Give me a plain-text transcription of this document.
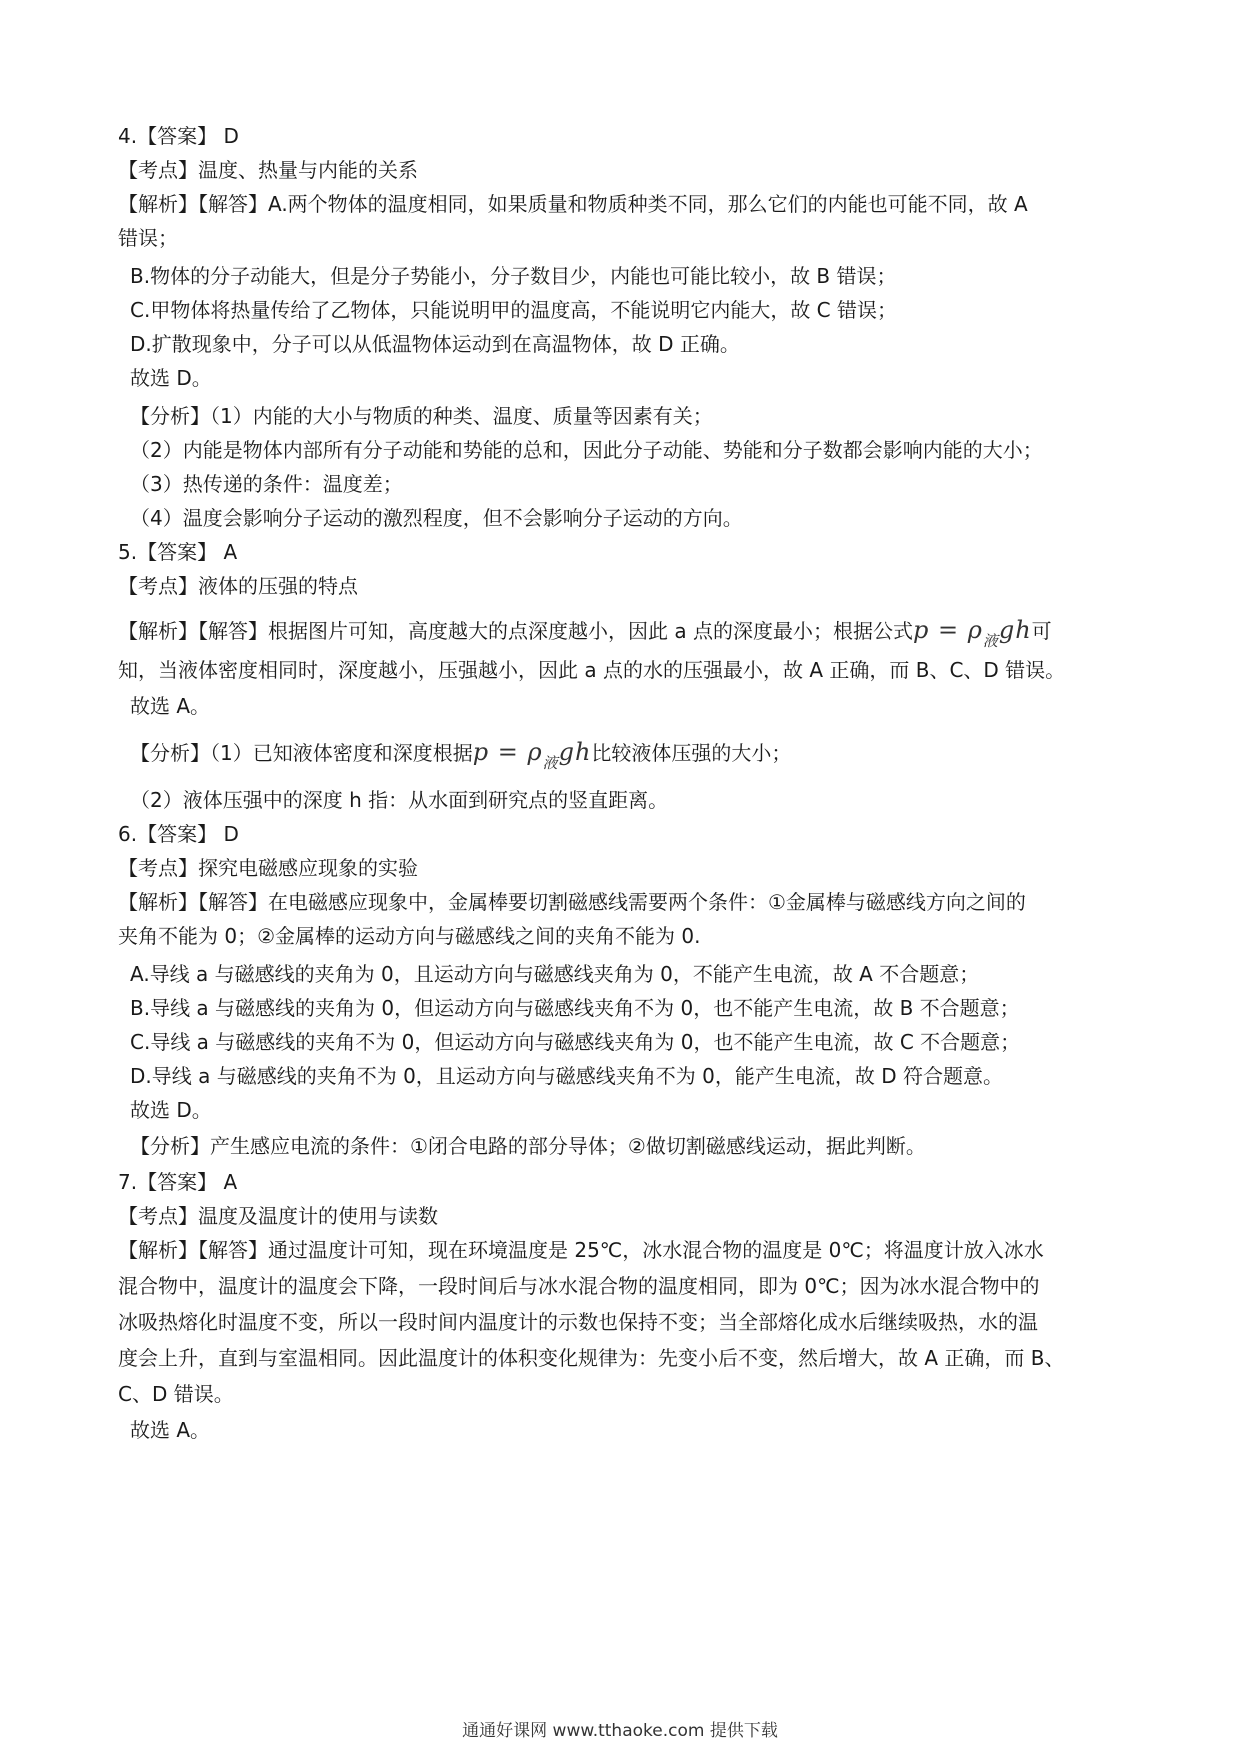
4.【答案】 D
【考点】温度、热量与内能的关系
【解析】【解答】A.两个物体的温度相同，如果质量和物质种类不同，那么它们的内能也可能不同，故 A
错误；
B.物体的分子动能大，但是分子势能小，分子数目少，内能也可能比较小，故 B 错误；
C.甲物体将热量传给了乙物体，只能说明甲的温度高，不能说明它内能大，故 C 错误；
D.扩散现象中，分子可以从低温物体运动到在高温物体，故 D 正确。
故选 D。
【分析】（1）内能的大小与物质的种类、温度、质量等因素有关；
（2）内能是物体内部所有分子动能和势能的总和，因此分子动能、势能和分子数都会影响内能的大小；
（3）热传递的条件：温度差；
（4）温度会影响分子运动的激烈程度，但不会影响分子运动的方向。
5.【答案】 A
【考点】液体的压强的特点
【解析】【解答】根据图片可知，高度越大的点深度越小，因此 a 点的深度最小；根据公式$p = \rho_液gh$可
知，当液体密度相同时，深度越小，压强越小，因此 a 点的水的压强最小，故 A 正确，而 B、C、D 错误。
故选 A。
【分析】（1）已知液体密度和深度根据$p = \rho_液gh$比较液体压强的大小；
（2）液体压强中的深度 h 指：从水面到研究点的竖直距离。
6.【答案】 D
【考点】探究电磁感应现象的实验
【解析】【解答】在电磁感应现象中，金属棒要切割磁感线需要两个条件：①金属棒与磁感线方向之间的
夹角不能为 0；②金属棒的运动方向与磁感线之间的夹角不能为 0.
A.导线 a 与磁感线的夹角为 0，且运动方向与磁感线夹角为 0，不能产生电流，故 A 不合题意；
B.导线 a 与磁感线的夹角为 0，但运动方向与磁感线夹角不为 0，也不能产生电流，故 B 不合题意；
C.导线 a 与磁感线的夹角不为 0，但运动方向与磁感线夹角为 0，也不能产生电流，故 C 不合题意；
D.导线 a 与磁感线的夹角不为 0，且运动方向与磁感线夹角不为 0，能产生电流，故 D 符合题意。
故选 D。
【分析】产生感应电流的条件：①闭合电路的部分导体；②做切割磁感线运动，据此判断。
7.【答案】 A
【考点】温度及温度计的使用与读数
【解析】【解答】通过温度计可知，现在环境温度是 25℃，冰水混合物的温度是 0℃；将温度计放入冰水
混合物中，温度计的温度会下降，一段时间后与冰水混合物的温度相同，即为 0℃；因为冰水混合物中的
冰吸热熔化时温度不变，所以一段时间内温度计的示数也保持不变；当全部熔化成水后继续吸热，水的温
度会上升，直到与室温相同。因此温度计的体积变化规律为：先变小后不变，然后增大，故 A 正确，而 B、
C、D 错误。
故选 A。
通通好课网 www.tthaoke.com 提供下载
